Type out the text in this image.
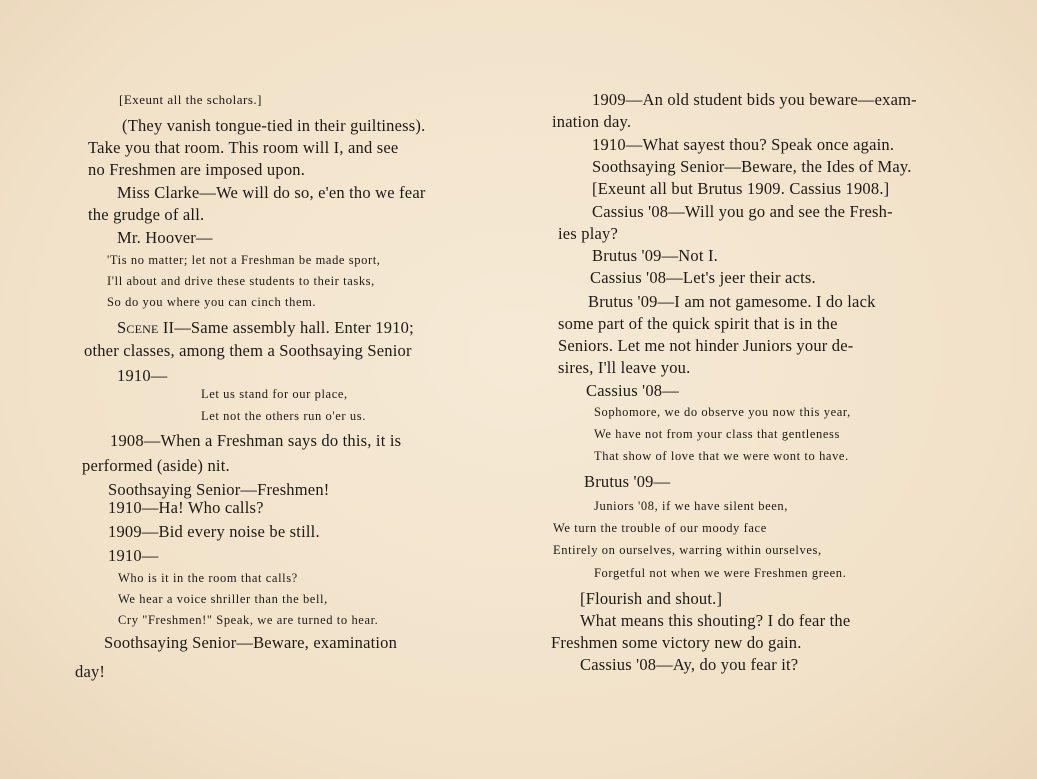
[Exeunt all the scholars.]
(They vanish tongue-tied in their guiltiness).
Take you that room. This room will I, and see
no Freshmen are imposed upon.
Miss Clarke—We will do so, e'en tho we fear
the grudge of all.
Mr. Hoover—
'Tis no matter; let not a Freshman be made sport,
I'll about and drive these students to their tasks,
So do you where you can cinch them.
Scene II—Same assembly hall. Enter 1910;
other classes, among them a Soothsaying Senior
1910—
Let us stand for our place,
Let not the others run o'er us.
1908—When a Freshman says do this, it is
performed (aside) nit.
Soothsaying Senior—Freshmen!
1910—Ha! Who calls?
1909—Bid every noise be still.
1910—
Who is it in the room that calls?
We hear a voice shriller than the bell,
Cry "Freshmen!" Speak, we are turned to hear.
Soothsaying Senior—Beware, examination
day!
1909—An old student bids you beware—exam-
ination day.
1910—What sayest thou? Speak once again.
Soothsaying Senior—Beware, the Ides of May.
[Exeunt all but Brutus 1909. Cassius 1908.]
Cassius '08—Will you go and see the Fresh-
ies play?
Brutus '09—Not I.
Cassius '08—Let's jeer their acts.
Brutus '09—I am not gamesome. I do lack
some part of the quick spirit that is in the
Seniors. Let me not hinder Juniors your de-
sires, I'll leave you.
Cassius '08—
Sophomore, we do observe you now this year,
We have not from your class that gentleness
That show of love that we were wont to have.
Brutus '09—
Juniors '08, if we have silent been,
We turn the trouble of our moody face
Entirely on ourselves, warring within ourselves,
Forgetful not when we were Freshmen green.
[Flourish and shout.]
What means this shouting? I do fear the
Freshmen some victory new do gain.
Cassius '08—Ay, do you fear it?
